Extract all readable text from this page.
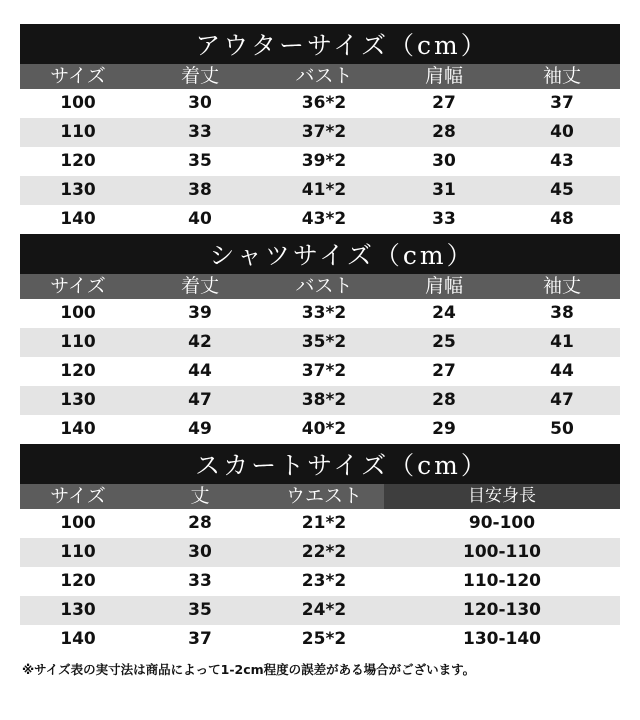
アウターサイズ（cm）
サイズ	着丈	バスト	肩幅	袖丈
100	30	36*2	27	37
110	33	37*2	28	40
120	35	39*2	30	43
130	38	41*2	31	45
140	40	43*2	33	48
シャツサイズ（cm）
サイズ	着丈	バスト	肩幅	袖丈
100	39	33*2	24	38
110	42	35*2	25	41
120	44	37*2	27	44
130	47	38*2	28	47
140	49	40*2	29	50
スカートサイズ（cm）
サイズ	丈	ウエスト	目安身長
100	28	21*2	90-100
110	30	22*2	100-110
120	33	23*2	110-120
130	35	24*2	120-130
140	37	25*2	130-140
※サイズ表の実寸法は商品によって1-2cm程度の誤差がある場合がございます。
